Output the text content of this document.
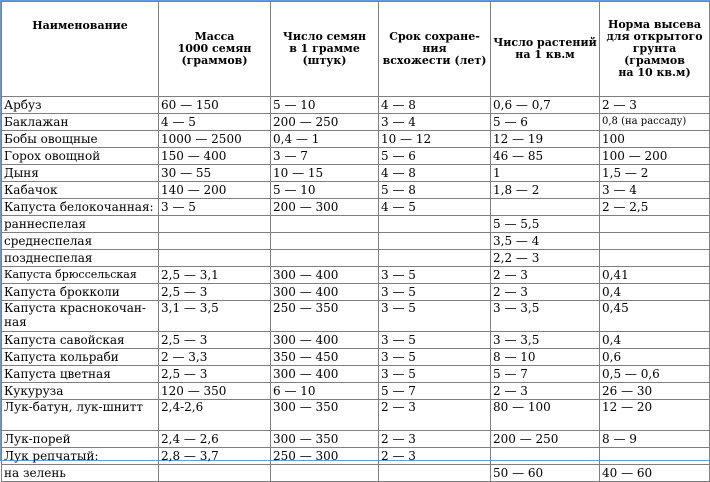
Наименование	Масса
1000 семян
(граммов)	Число семян
в 1 грамме
(штук)	Срок сохране-
ния
всхожести (лет)	Число растений
на 1 кв.м	Норма высева
для открытого
грунта
(граммов
на 10 кв.м)

Арбуз	60 — 150	5 — 10	4 — 8	0,6 — 0,7	2 — 3
Баклажан	4 — 5	200 — 250	3 — 4	5 — 6	0,8 (на рассаду)
Бобы овощные	1000 — 2500	0,4 — 1	10 — 12	12 — 19	100
Горох овощной	150 — 400	3 — 7	5 — 6	46 — 85	100 — 200
Дыня	30 — 55	10 — 15	4 — 8	1	1,5 — 2
Кабачок	140 — 200	5 — 10	5 — 8	1,8 — 2	3 — 4
Капуста белокочанная:	3 — 5	200 — 300	4 — 5		2 — 2,5
раннеспелая				5 — 5,5	
среднеспелая				3,5 — 4	
позднеспелая				2,2 — 3	
Капуста брюссельская	2,5 — 3,1	300 — 400	3 — 5	2 — 3	0,41
Капуста брокколи	2,5 — 3	300 — 400	3 — 5	2 — 3	0,4
Капуста краснокочан-ная	3,1 — 3,5	250 — 350	3 — 5	3 — 3,5	0,45
Капуста савойская	2,5 — 3	300 — 400	3 — 5	3 — 3,5	0,4
Капуста кольраби	2 — 3,3	350 — 450	3 — 5	8 — 10	0,6
Капуста цветная	2,5 — 3	300 — 400	3 — 5	5 — 7	0,5 — 0,6
Кукуруза	120 — 350	6 — 10	5 — 7	2 — 3	26 — 30
Лук-батун, лук-шнитт	2,4-2,6	300 — 350	2 — 3	80 — 100	12 — 20
Лук-порей	2,4 — 2,6	300 — 350	2 — 3	200 — 250	8 — 9
Лук репчатый:	2,8 — 3,7	250 — 300	2 — 3		
на зелень				50 — 60	40 — 60
